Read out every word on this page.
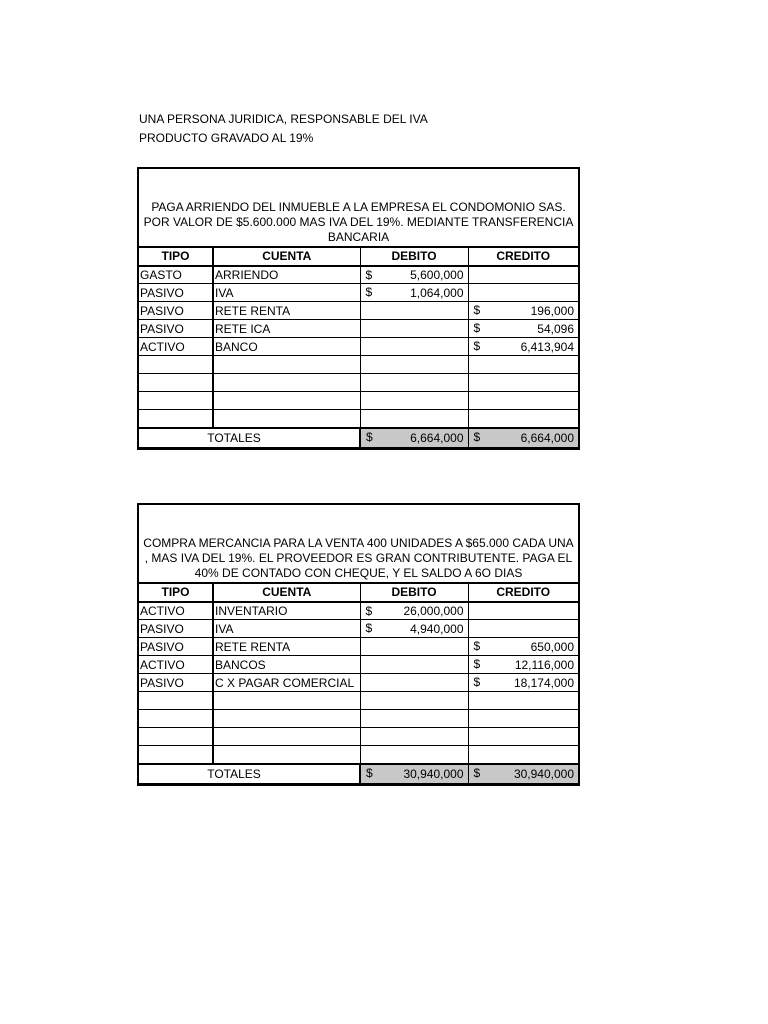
UNA PERSONA JURIDICA, RESPONSABLE DEL IVA
PRODUCTO GRAVADO AL 19%
PAGA ARRIENDO DEL INMUEBLE A LA EMPRESA EL CONDOMONIO SAS. POR VALOR DE $5.600.000 MAS IVA DEL 19%. MEDIANTE TRANSFERENCIA BANCARIA
TIPO	CUENTA	DEBITO	CREDITO
GASTO	ARRIENDO	$ 5,600,000	

PASIVO	IVA	$ 1,064,000	

PASIVO	RETE RENTA		$ 196,000

PASIVO	RETE ICA		$ 54,096

ACTIVO	BANCO		$ 6,413,904

TOTALES		$ 6,664,000	$ 6,664,000
COMPRA MERCANCIA PARA LA VENTA 400 UNIDADES A $65.000 CADA UNA , MAS IVA DEL 19%. EL PROVEEDOR ES GRAN CONTRIBUTENTE. PAGA EL 40% DE CONTADO CON CHEQUE, Y EL SALDO A 6O DIAS
TIPO	CUENTA	DEBITO	CREDITO
ACTIVO	INVENTARIO	$ 26,000,000	

PASIVO	IVA	$ 4,940,000	

PASIVO	RETE RENTA		$ 650,000

ACTIVO	BANCOS		$ 12,116,000

PASIVO	C X PAGAR COMERCIAL		$ 18,174,000

TOTALES		$ 30,940,000	$ 30,940,000
